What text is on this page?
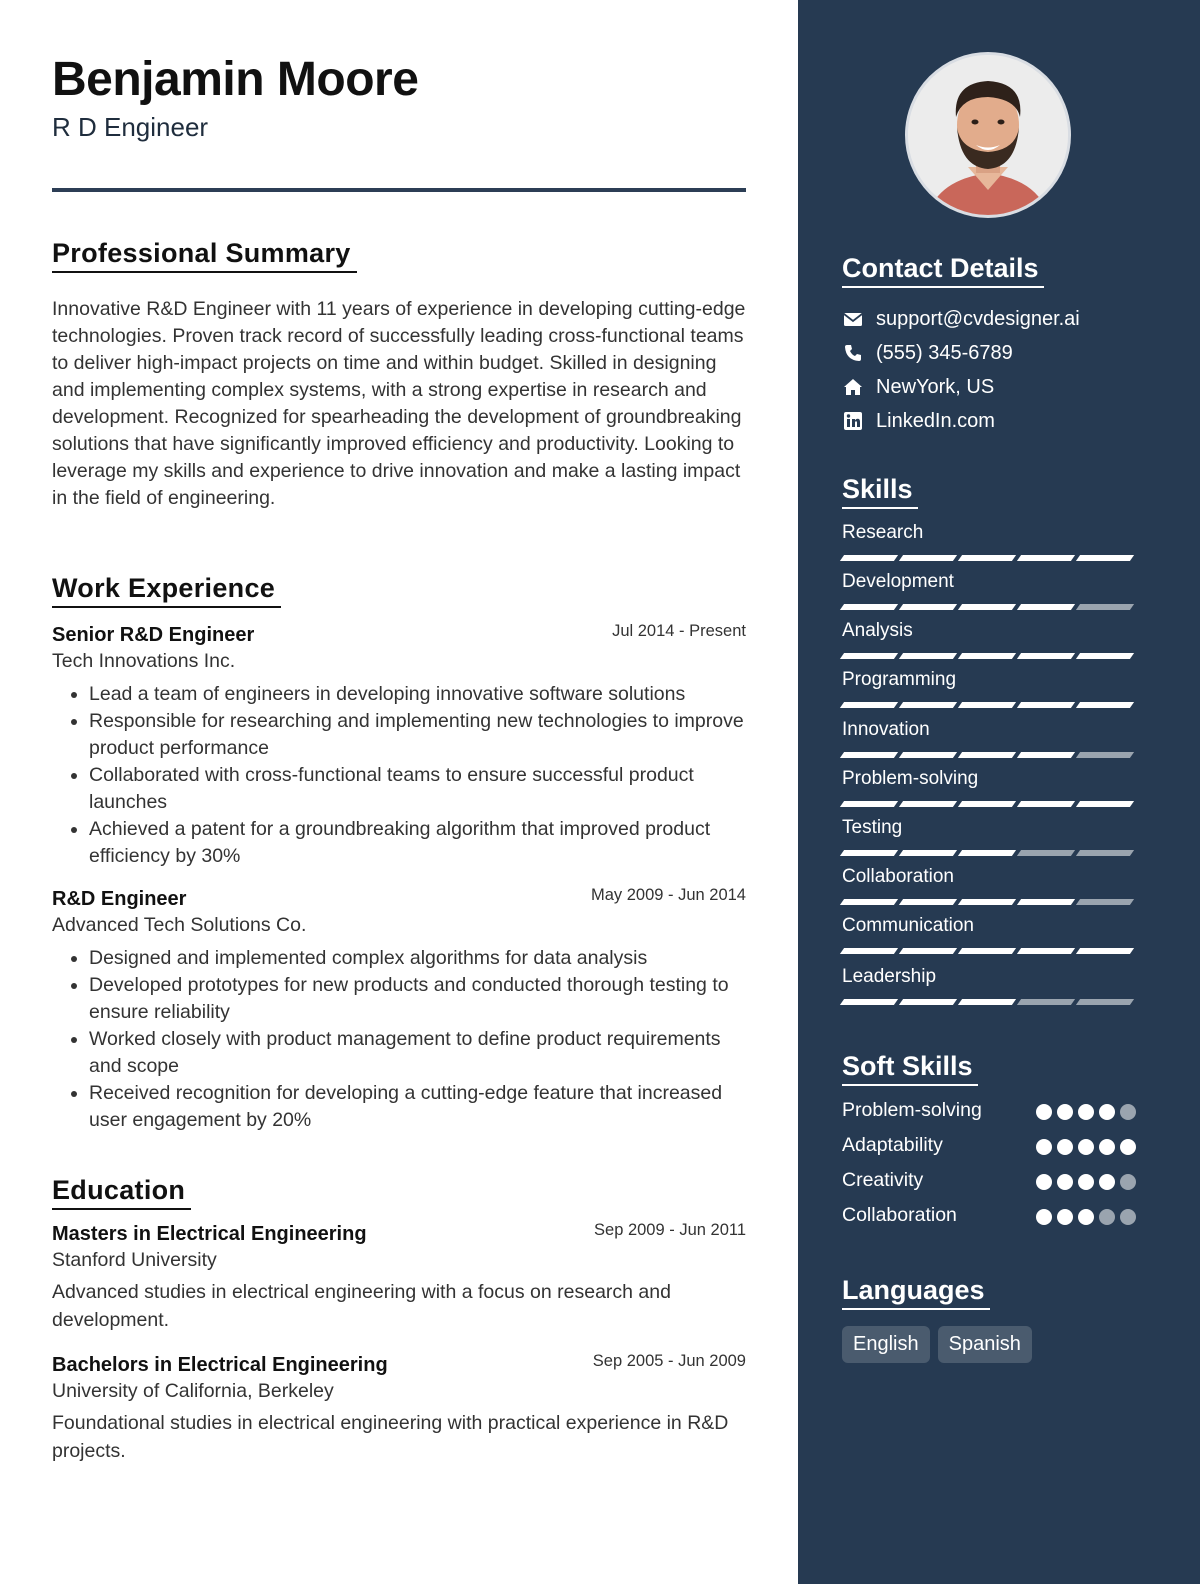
Benjamin Moore
R D Engineer
Professional Summary

Innovative R&D Engineer with 11 years of experience in developing cutting-edge technologies. Proven track record of successfully leading cross-functional teams to deliver high-impact projects on time and within budget. Skilled in designing and implementing complex systems, with a strong expertise in research and development. Recognized for spearheading the development of groundbreaking solutions that have significantly improved efficiency and productivity. Looking to leverage my skills and experience to drive innovation and make a lasting impact in the field of engineering.

Work Experience
Senior R&D Engineer	Jul 2014 - Present
Tech Innovations Inc.
• Lead a team of engineers in developing innovative software solutions
• Responsible for researching and implementing new technologies to improve product performance
• Collaborated with cross-functional teams to ensure successful product launches
• Achieved a patent for a groundbreaking algorithm that improved product efficiency by 30%
R&D Engineer	May 2009 - Jun 2014
Advanced Tech Solutions Co.
• Designed and implemented complex algorithms for data analysis
• Developed prototypes for new products and conducted thorough testing to ensure reliability
• Worked closely with product management to define product requirements and scope
• Received recognition for developing a cutting-edge feature that increased user engagement by 20%
Education
Masters in Electrical Engineering	Sep 2009 - Jun 2011
Stanford University
Advanced studies in electrical engineering with a focus on research and development.
Bachelors in Electrical Engineering	Sep 2005 - Jun 2009
University of California, Berkeley
Foundational studies in electrical engineering with practical experience in R&D projects.
Contact Details
support@cvdesigner.ai
(555) 345-6789
NewYork, US
LinkedIn.com
Skills
Research
Development
Analysis
Programming
Innovation
Problem-solving
Testing
Collaboration
Communication
Leadership
Soft Skills
Problem-solving
Adaptability
Creativity
Collaboration
Languages
English	Spanish
